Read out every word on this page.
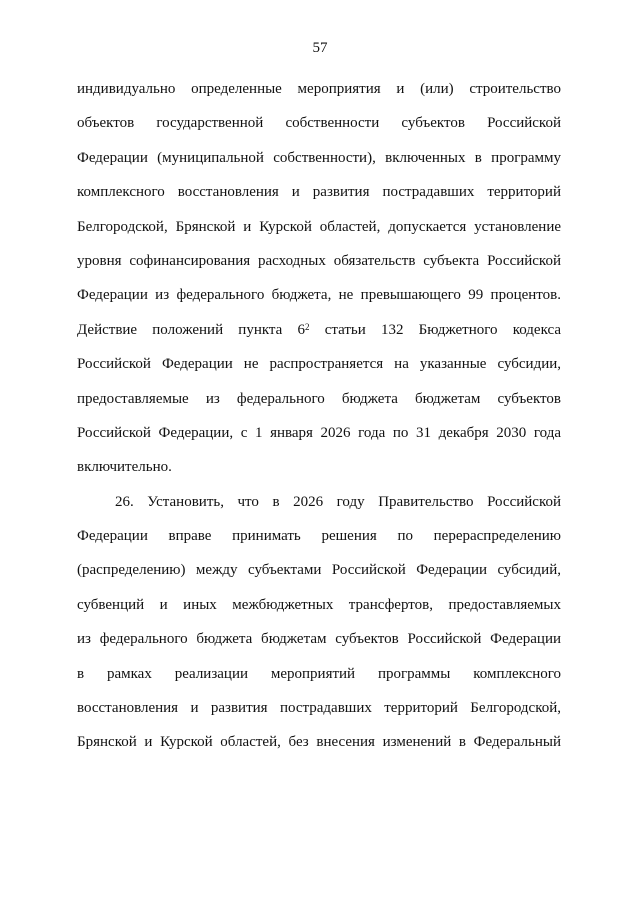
57
индивидуально определенные мероприятия и (или) строительство
объектов государственной собственности субъектов Российской
Федерации (муниципальной собственности), включенных в программу
комплексного восстановления и развития пострадавших территорий
Белгородской, Брянской и Курской областей, допускается установление
уровня софинансирования расходных обязательств субъекта Российской
Федерации из федерального бюджета, не превышающего 99 процентов.
Действие положений пункта $6^2$ статьи 132 Бюджетного кодекса
Российской Федерации не распространяется на указанные субсидии,
предоставляемые из федерального бюджета бюджетам субъектов
Российской Федерации, с 1 января 2026 года по 31 декабря 2030 года
включительно.
26. Установить, что в 2026 году Правительство Российской
Федерации вправе принимать решения по перераспределению
(распределению) между субъектами Российской Федерации субсидий,
субвенций и иных межбюджетных трансфертов, предоставляемых
из федерального бюджета бюджетам субъектов Российской Федерации
в рамках реализации мероприятий программы комплексного
восстановления и развития пострадавших территорий Белгородской,
Брянской и Курской областей, без внесения изменений в Федеральный
